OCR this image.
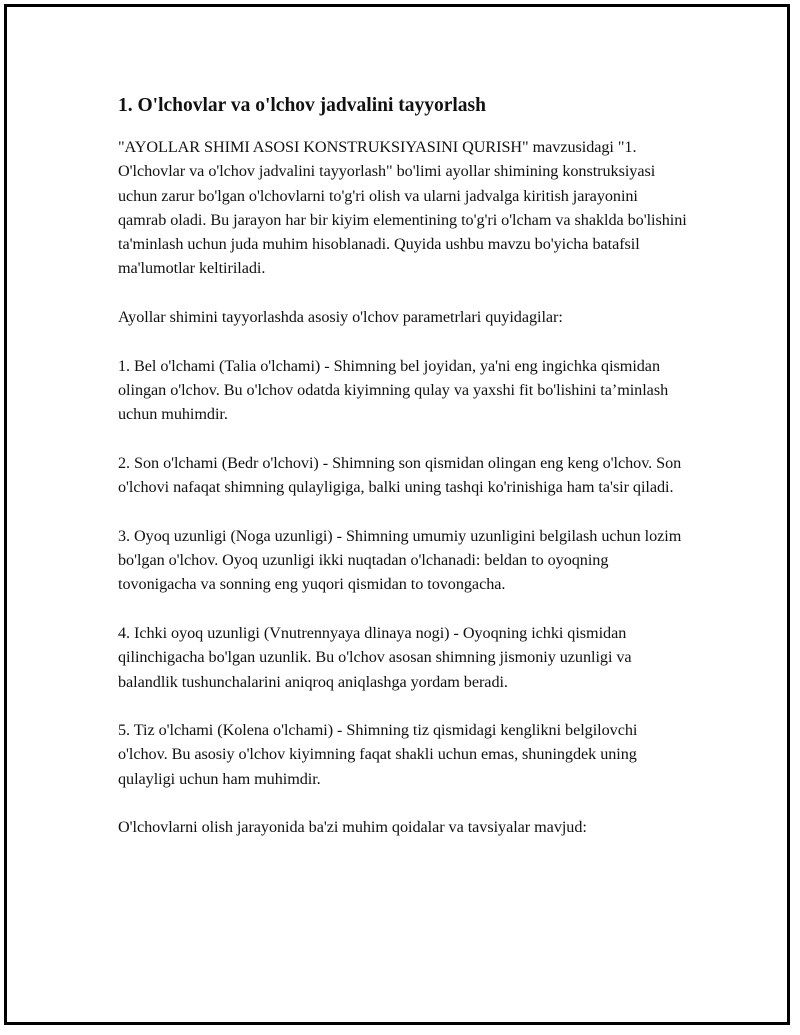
1. O'lchovlar va o'lchov jadvalini tayyorlash

"AYOLLAR SHIMI ASOSI KONSTRUKSIYASINI QURISH" mavzusidagi "1. O'lchovlar va o'lchov jadvalini tayyorlash" bo'limi ayollar shimining konstruksiyasi uchun zarur bo'lgan o'lchovlarni to'g'ri olish va ularni jadvalga kiritish jarayonini qamrab oladi. Bu jarayon har bir kiyim elementining to'g'ri o'lcham va shaklda bo'lishini ta'minlash uchun juda muhim hisoblanadi. Quyida ushbu mavzu bo'yicha batafsil ma'lumotlar keltiriladi.

Ayollar shimini tayyorlashda asosiy o'lchov parametrlari quyidagilar:

1. Bel o'lchami (Talia o'lchami) - Shimning bel joyidan, ya'ni eng ingichka qismidan olingan o'lchov. Bu o'lchov odatda kiyimning qulay va yaxshi fit bo'lishini ta’minlash uchun muhimdir.

2. Son o'lchami (Bedr o'lchovi) - Shimning son qismidan olingan eng keng o'lchov. Son o'lchovi nafaqat shimning qulayligiga, balki uning tashqi ko'rinishiga ham ta'sir qiladi.

3. Oyoq uzunligi (Noga uzunligi) - Shimning umumiy uzunligini belgilash uchun lozim bo'lgan o'lchov. Oyoq uzunligi ikki nuqtadan o'lchanadi: beldan to oyoqning tovonigacha va sonning eng yuqori qismidan to tovongacha.

4. Ichki oyoq uzunligi (Vnutrennyaya dlinaya nogi) - Oyoqning ichki qismidan qilinchigacha bo'lgan uzunlik. Bu o'lchov asosan shimning jismoniy uzunligi va balandlik tushunchalarini aniqroq aniqlashga yordam beradi.

5. Tiz o'lchami (Kolena o'lchami) - Shimning tiz qismidagi kenglikni belgilovchi o'lchov. Bu asosiy o'lchov kiyimning faqat shakli uchun emas, shuningdek uning qulayligi uchun ham muhimdir.

O'lchovlarni olish jarayonida ba'zi muhim qoidalar va tavsiyalar mavjud:
